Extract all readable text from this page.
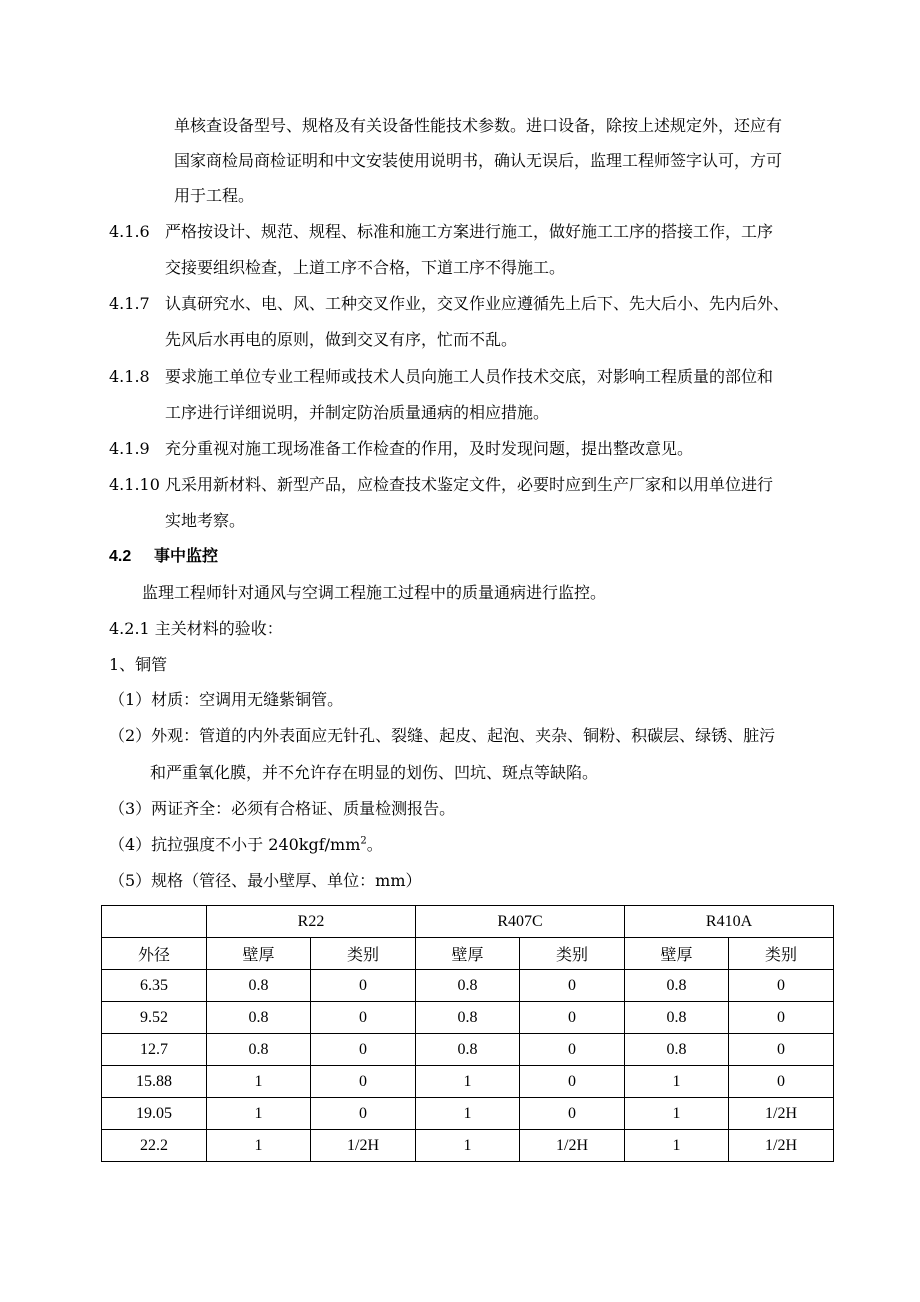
单核查设备型号、规格及有关设备性能技术参数。进口设备，除按上述规定外，还应有
国家商检局商检证明和中文安装使用说明书，确认无误后，监理工程师签字认可，方可
用于工程。
4.1.6 严格按设计、规范、规程、标准和施工方案进行施工，做好施工工序的搭接工作，工序
交接要组织检查，上道工序不合格，下道工序不得施工。
4.1.7 认真研究水、电、风、工种交叉作业，交叉作业应遵循先上后下、先大后小、先内后外、
先风后水再电的原则，做到交叉有序，忙而不乱。
4.1.8 要求施工单位专业工程师或技术人员向施工人员作技术交底，对影响工程质量的部位和
工序进行详细说明，并制定防治质量通病的相应措施。
4.1.9 充分重视对施工现场准备工作检查的作用，及时发现问题，提出整改意见。
4.1.10 凡采用新材料、新型产品，应检查技术鉴定文件，必要时应到生产厂家和以用单位进行
实地考察。
4.2 事中监控
监理工程师针对通风与空调工程施工过程中的质量通病进行监控。
4.2.1 主关材料的验收：
1、铜管
（1）材质：空调用无缝紫铜管。
（2）外观：管道的内外表面应无针孔、裂缝、起皮、起泡、夹杂、铜粉、积碳层、绿锈、脏污
和严重氧化膜，并不允许存在明显的划伤、凹坑、斑点等缺陷。
（3）两证齐全：必须有合格证、质量检测报告。
（4）抗拉强度不小于 $240kgf/mm^2$。
（5）规格（管径、最小壁厚、单位：mm）
	R22		R407C		R410A	
外径	壁厚	类别	壁厚	类别	壁厚	类别
6.35	0.8	0	0.8	0	0.8	0
9.52	0.8	0	0.8	0	0.8	0
12.7	0.8	0	0.8	0	0.8	0
15.88	1	0	1	0	1	0
19.05	1	0	1	0	1	1/2H
22.2	1	1/2H	1	1/2H	1	1/2H
